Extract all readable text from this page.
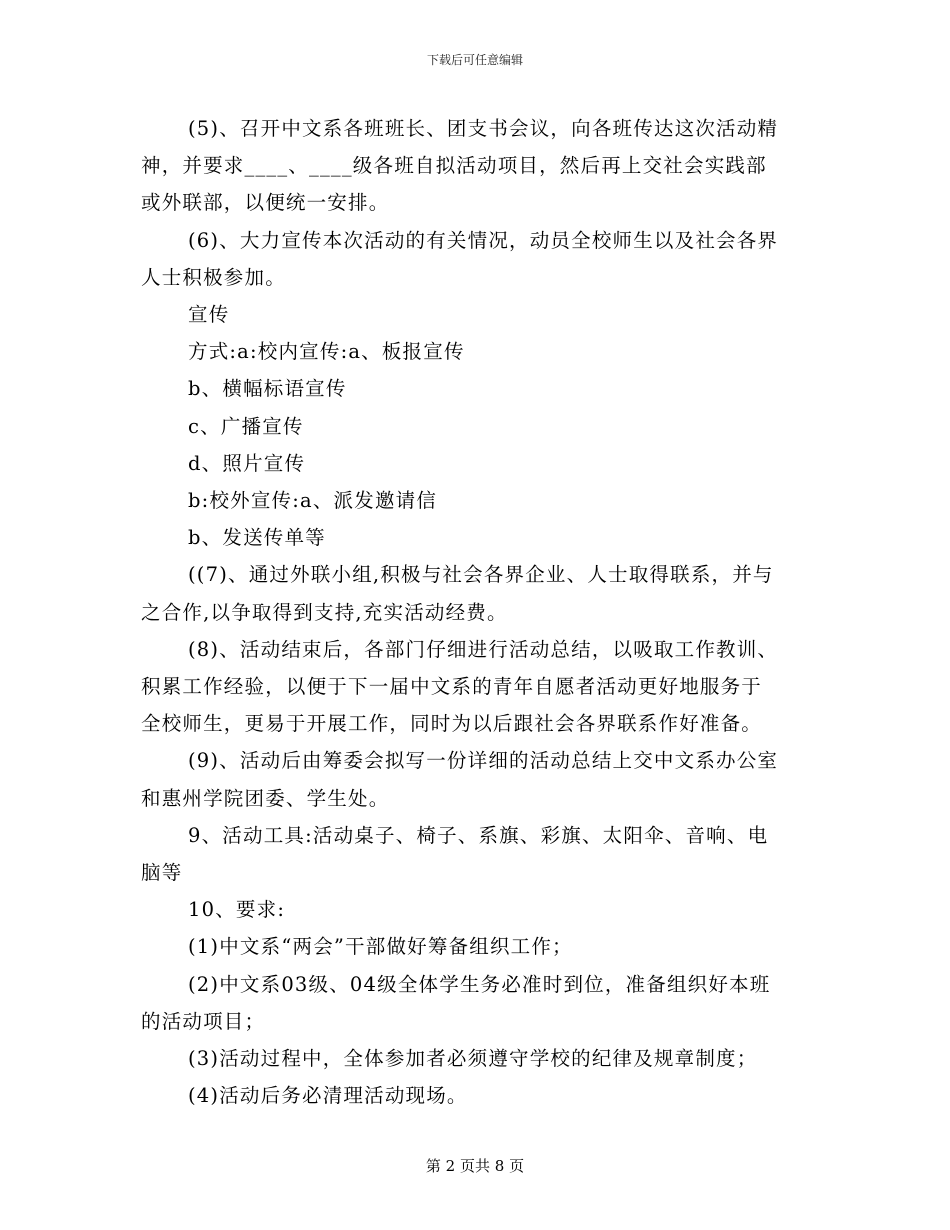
下载后可任意编辑

(5)、召开中文系各班班长、团支书会议，向各班传达这次活动精

神，并要求____、____级各班自拟活动项目，然后再上交社会实践部

或外联部，以便统一安排。

(6)、大力宣传本次活动的有关情况，动员全校师生以及社会各界

人士积极参加。

宣传

方式:a:校内宣传:a、板报宣传

b、横幅标语宣传

c、广播宣传

d、照片宣传

b:校外宣传:a、派发邀请信

b、发送传单等

((7)、通过外联小组,积极与社会各界企业、人士取得联系，并与

之合作,以争取得到支持,充实活动经费。

(8)、活动结束后，各部门仔细进行活动总结，以吸取工作教训、

积累工作经验，以便于下一届中文系的青年自愿者活动更好地服务于

全校师生，更易于开展工作，同时为以后跟社会各界联系作好准备。

(9)、活动后由筹委会拟写一份详细的活动总结上交中文系办公室

和惠州学院团委、学生处。

9、活动工具:活动桌子、椅子、系旗、彩旗、太阳伞、音响、电

脑等

10、要求:

(1)中文系“两会”干部做好筹备组织工作；

(2)中文系03级、04级全体学生务必准时到位，准备组织好本班

的活动项目；

(3)活动过程中，全体参加者必须遵守学校的纪律及规章制度；

(4)活动后务必清理活动现场。

第 2 页共 8 页
